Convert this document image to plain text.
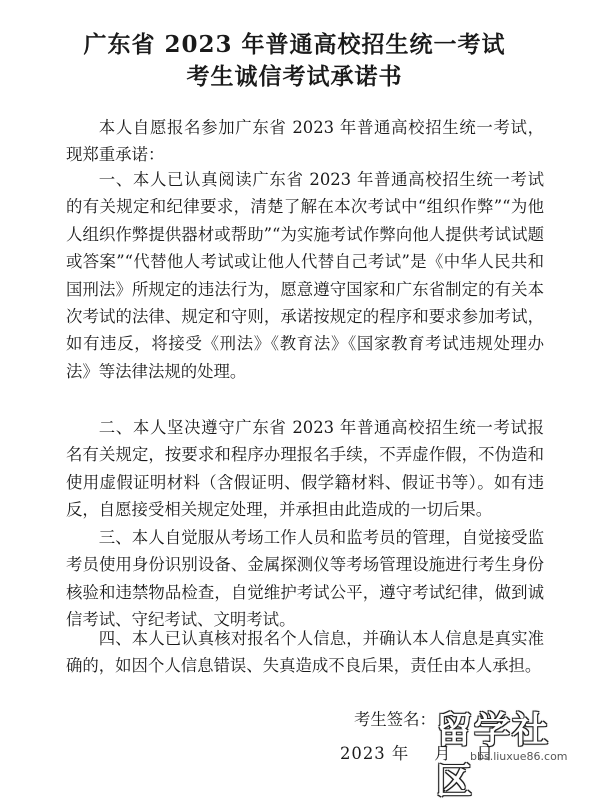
广东省 2023 年普通高校招生统一考试
考生诚信考试承诺书

本人自愿报名参加广东省 2023 年普通高校招生统一考试，现郑重承诺：

一、本人已认真阅读广东省 2023 年普通高校招生统一考试的有关规定和纪律要求，清楚了解在本次考试中“组织作弊”“为他人组织作弊提供器材或帮助”“为实施考试作弊向他人提供考试试题或答案”“代替他人考试或让他人代替自己考试”是《中华人民共和国刑法》所规定的违法行为，愿意遵守国家和广东省制定的有关本次考试的法律、规定和守则，承诺按规定的程序和要求参加考试，如有违反，将接受《刑法》《教育法》《国家教育考试违规处理办法》等法律法规的处理。

二、本人坚决遵守广东省 2023 年普通高校招生统一考试报名有关规定，按要求和程序办理报名手续，不弄虚作假，不伪造和使用虚假证明材料（含假证明、假学籍材料、假证书等）。如有违反，自愿接受相关规定处理，并承担由此造成的一切后果。

三、本人自觉服从考场工作人员和监考员的管理，自觉接受监考员使用身份识别设备、金属探测仪等考场管理设施进行考生身份核验和违禁物品检查，自觉维护考试公平，遵守考试纪律，做到诚信考试、守纪考试、文明考试。

四、本人已认真核对报名个人信息，并确认本人信息是真实准确的，如因个人信息错误、失真造成不良后果，责任由本人承担。

考生签名：
2023 年    月    日
留学社区
bbs.liuxue86.com
